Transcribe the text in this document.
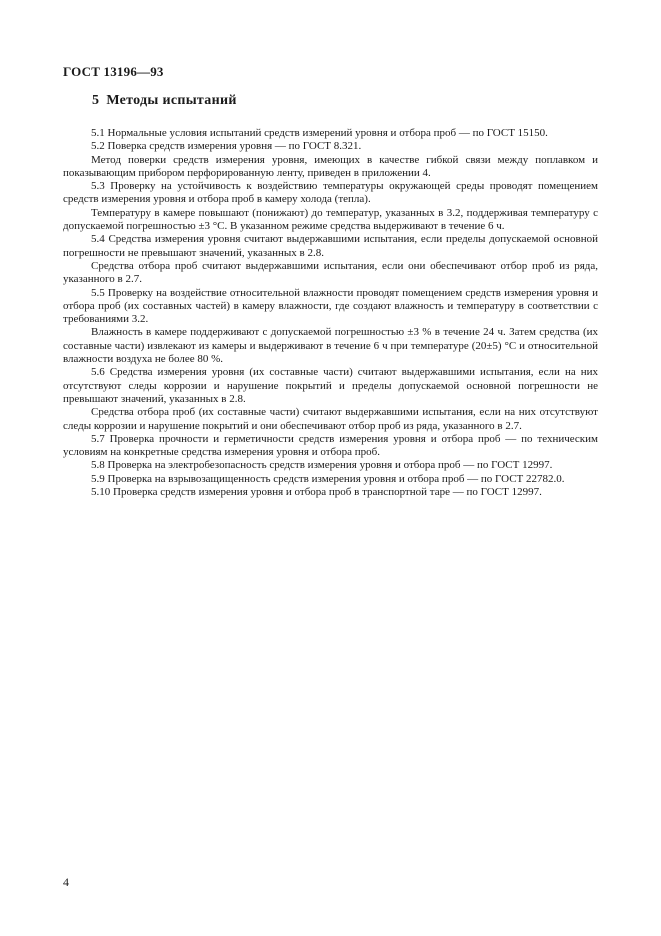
ГОСТ 13196—93
5 Методы испытаний

5.1 Нормальные условия испытаний средств измерений уровня и отбора проб — по ГОСТ 15150.

5.2 Поверка средств измерения уровня — по ГОСТ 8.321.

Метод поверки средств измерения уровня, имеющих в качестве гибкой связи между поплавком и показывающим прибором перфорированную ленту, приведен в приложении 4.

5.3 Проверку на устойчивость к воздействию температуры окружающей среды проводят помещением средств измерения уровня и отбора проб в камеру холода (тепла).

Температуру в камере повышают (понижают) до температур, указанных в 3.2, поддерживая температуру с допускаемой погрешностью ±3 °С. В указанном режиме средства выдерживают в течение 6 ч.

5.4 Средства измерения уровня считают выдержавшими испытания, если пределы допускаемой основной погрешности не превышают значений, указанных в 2.8.

Средства отбора проб считают выдержавшими испытания, если они обеспечивают отбор проб из ряда, указанного в 2.7.

5.5 Проверку на воздействие относительной влажности проводят помещением средств измерения уровня и отбора проб (их составных частей) в камеру влажности, где создают влажность и температуру в соответствии с требованиями 3.2.

Влажность в камере поддерживают с допускаемой погрешностью ±3 % в течение 24 ч. Затем средства (их составные части) извлекают из камеры и выдерживают в течение 6 ч при температуре (20±5) °С и относительной влажности воздуха не более 80 %.

5.6 Средства измерения уровня (их составные части) считают выдержавшими испытания, если на них отсутствуют следы коррозии и нарушение покрытий и пределы допускаемой основной погрешности не превышают значений, указанных в 2.8.

Средства отбора проб (их составные части) считают выдержавшими испытания, если на них отсутствуют следы коррозии и нарушение покрытий и они обеспечивают отбор проб из ряда, указанного в 2.7.

5.7 Проверка прочности и герметичности средств измерения уровня и отбора проб — по техническим условиям на конкретные средства измерения уровня и отбора проб.

5.8 Проверка на электробезопасность средств измерения уровня и отбора проб — по ГОСТ 12997.

5.9 Проверка на взрывозащищенность средств измерения уровня и отбора проб — по ГОСТ 22782.0.

5.10 Проверка средств измерения уровня и отбора проб в транспортной таре — по ГОСТ 12997.

4
